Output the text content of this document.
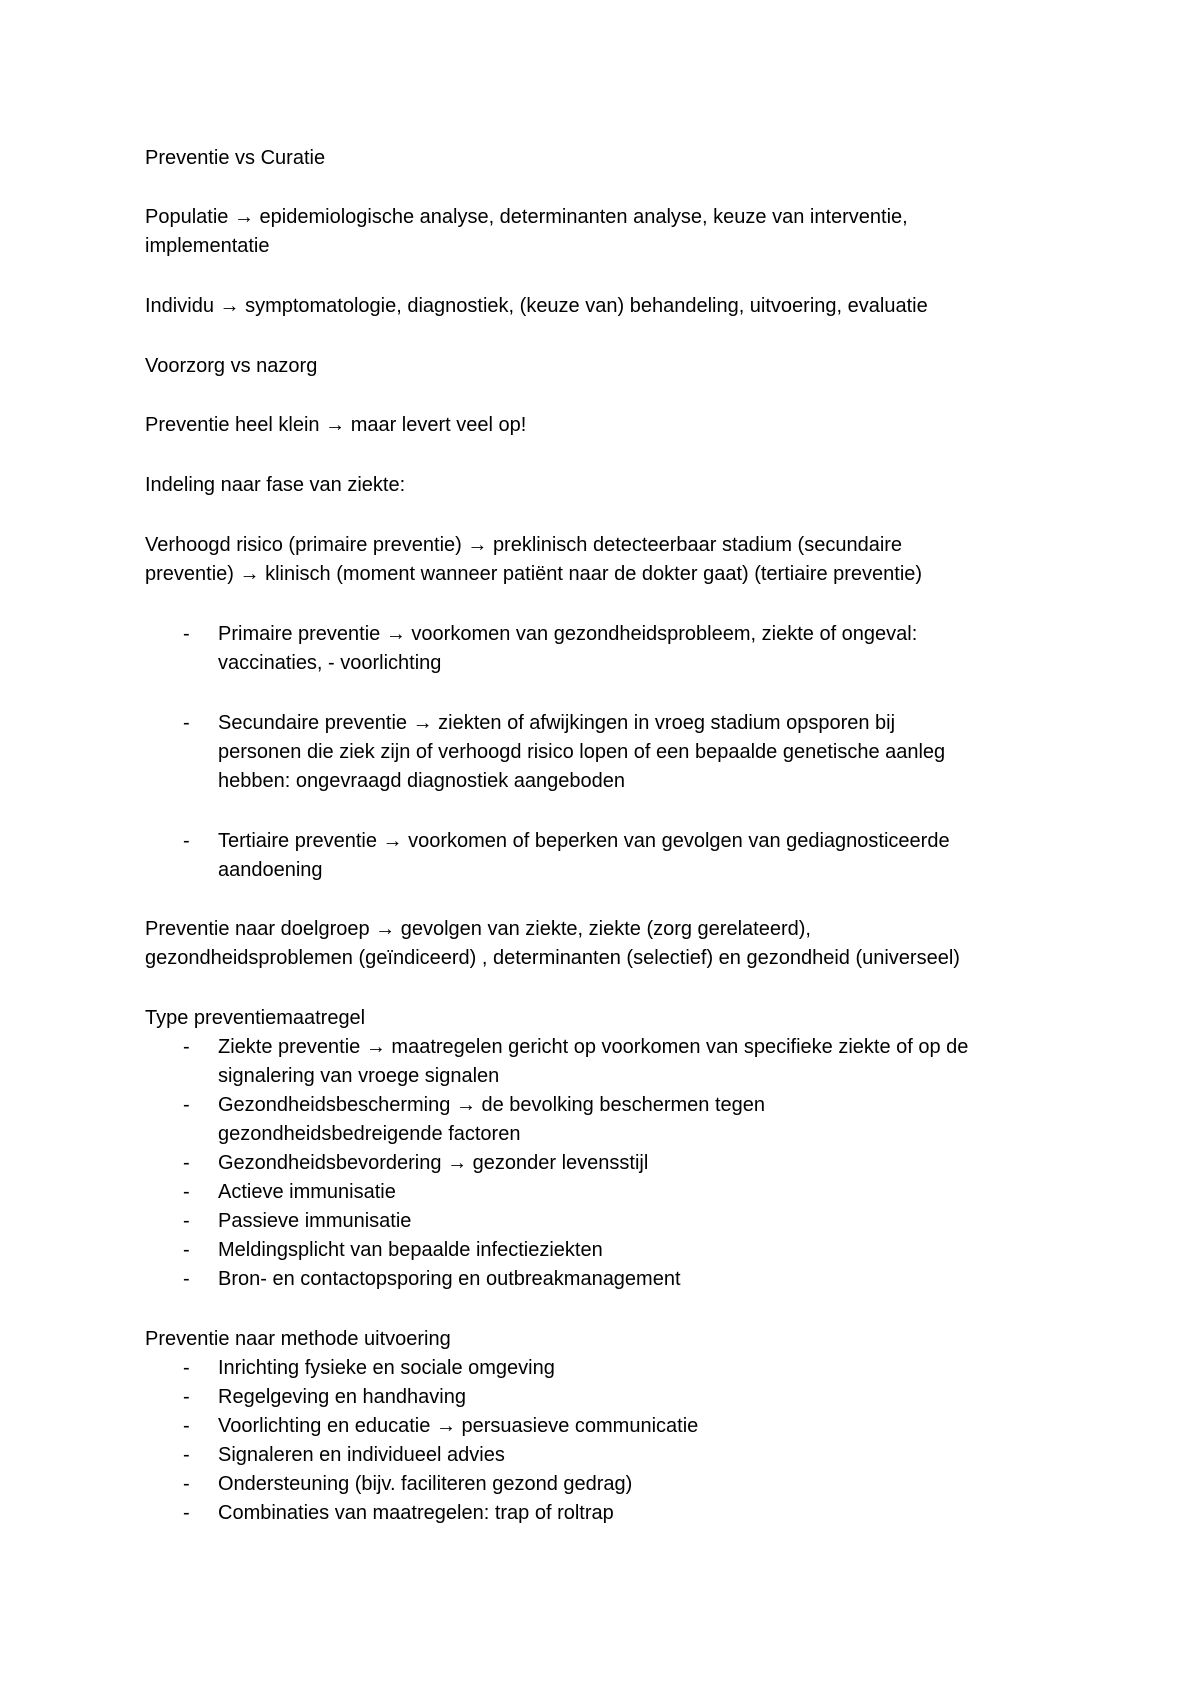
Preventie vs Curatie
Populatie → epidemiologische analyse, determinanten analyse, keuze van interventie,
implementatie
Individu → symptomatologie, diagnostiek, (keuze van) behandeling, uitvoering, evaluatie
Voorzorg vs nazorg
Preventie heel klein → maar levert veel op!
Indeling naar fase van ziekte:
Verhoogd risico (primaire preventie) → preklinisch detecteerbaar stadium (secundaire
preventie) → klinisch (moment wanneer patiënt naar de dokter gaat) (tertiaire preventie)
- Primaire preventie → voorkomen van gezondheidsprobleem, ziekte of ongeval:
vaccinaties, - voorlichting
- Secundaire preventie → ziekten of afwijkingen in vroeg stadium opsporen bij
personen die ziek zijn of verhoogd risico lopen of een bepaalde genetische aanleg
hebben: ongevraagd diagnostiek aangeboden
- Tertiaire preventie → voorkomen of beperken van gevolgen van gediagnosticeerde
aandoening
Preventie naar doelgroep → gevolgen van ziekte, ziekte (zorg gerelateerd),
gezondheidsproblemen (geïndiceerd) , determinanten (selectief) en gezondheid (universeel)
Type preventiemaatregel
- Ziekte preventie → maatregelen gericht op voorkomen van specifieke ziekte of op de
signalering van vroege signalen
- Gezondheidsbescherming → de bevolking beschermen tegen
gezondheidsbedreigende factoren
- Gezondheidsbevordering → gezonder levensstijl
- Actieve immunisatie
- Passieve immunisatie
- Meldingsplicht van bepaalde infectieziekten
- Bron- en contactopsporing en outbreakmanagement
Preventie naar methode uitvoering
- Inrichting fysieke en sociale omgeving
- Regelgeving en handhaving
- Voorlichting en educatie → persuasieve communicatie
- Signaleren en individueel advies
- Ondersteuning (bijv. faciliteren gezond gedrag)
- Combinaties van maatregelen: trap of roltrap
